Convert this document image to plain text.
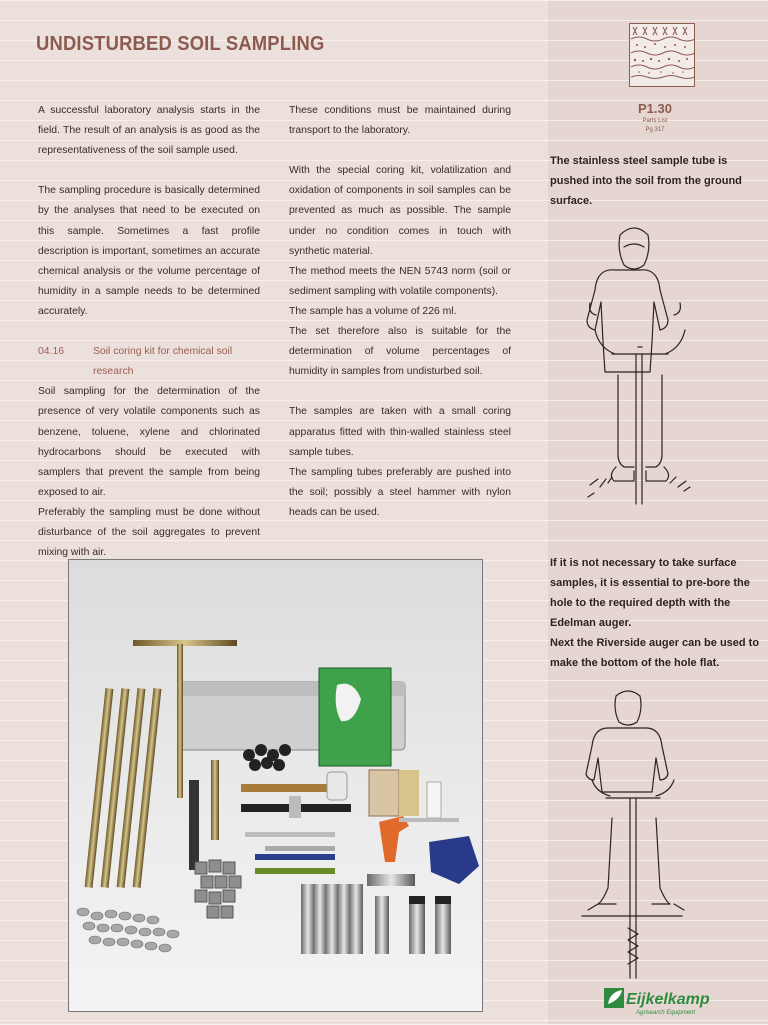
UNDISTURBED SOIL SAMPLING

A successful laboratory analysis starts in the field. The result of an analysis is as good as the representativeness of the soil sample used.

The sampling procedure is basically determined by the analyses that need to be executed on this sample. Sometimes a fast profile description is important, sometimes an accurate chemical analysis or the volume percentage of humidity in a sample needs to be determined accurately.

04.16	Soil coring kit for chemical soil research

Soil sampling for the determination of the presence of very volatile components such as benzene, toluene, xylene and chlorinated hydrocarbons should be executed with samplers that prevent the sample from being exposed to air.

Preferably the sampling must be done without disturbance of the soil aggregates to prevent mixing with air.

These conditions must be maintained during transport to the laboratory.

With the special coring kit, volatilization and oxidation of components in soil samples can be prevented as much as possible. The sample under no condition comes in touch with synthetic material.

The method meets the NEN 5743 norm (soil or sediment sampling with volatile components).

The sample has a volume of 226 ml.

The set therefore also is suitable for the determination of volume percentages of humidity in samples from undisturbed soil.

The samples are taken with a small coring apparatus fitted with thin-walled stainless steel sample tubes.

The sampling tubes preferably are pushed into the soil; possibly a steel hammer with nylon heads can be used.

P1.30
Parts List
Pg 317

The stainless steel sample tube is pushed into the soil from the ground surface.

If it is not necessary to take surface samples, it is essential to pre-bore the hole to the required depth with the Edelman auger.

Next the Riverside auger can be used to make the bottom of the hole flat.

Eijkelkamp
Agrisearch Equipment
